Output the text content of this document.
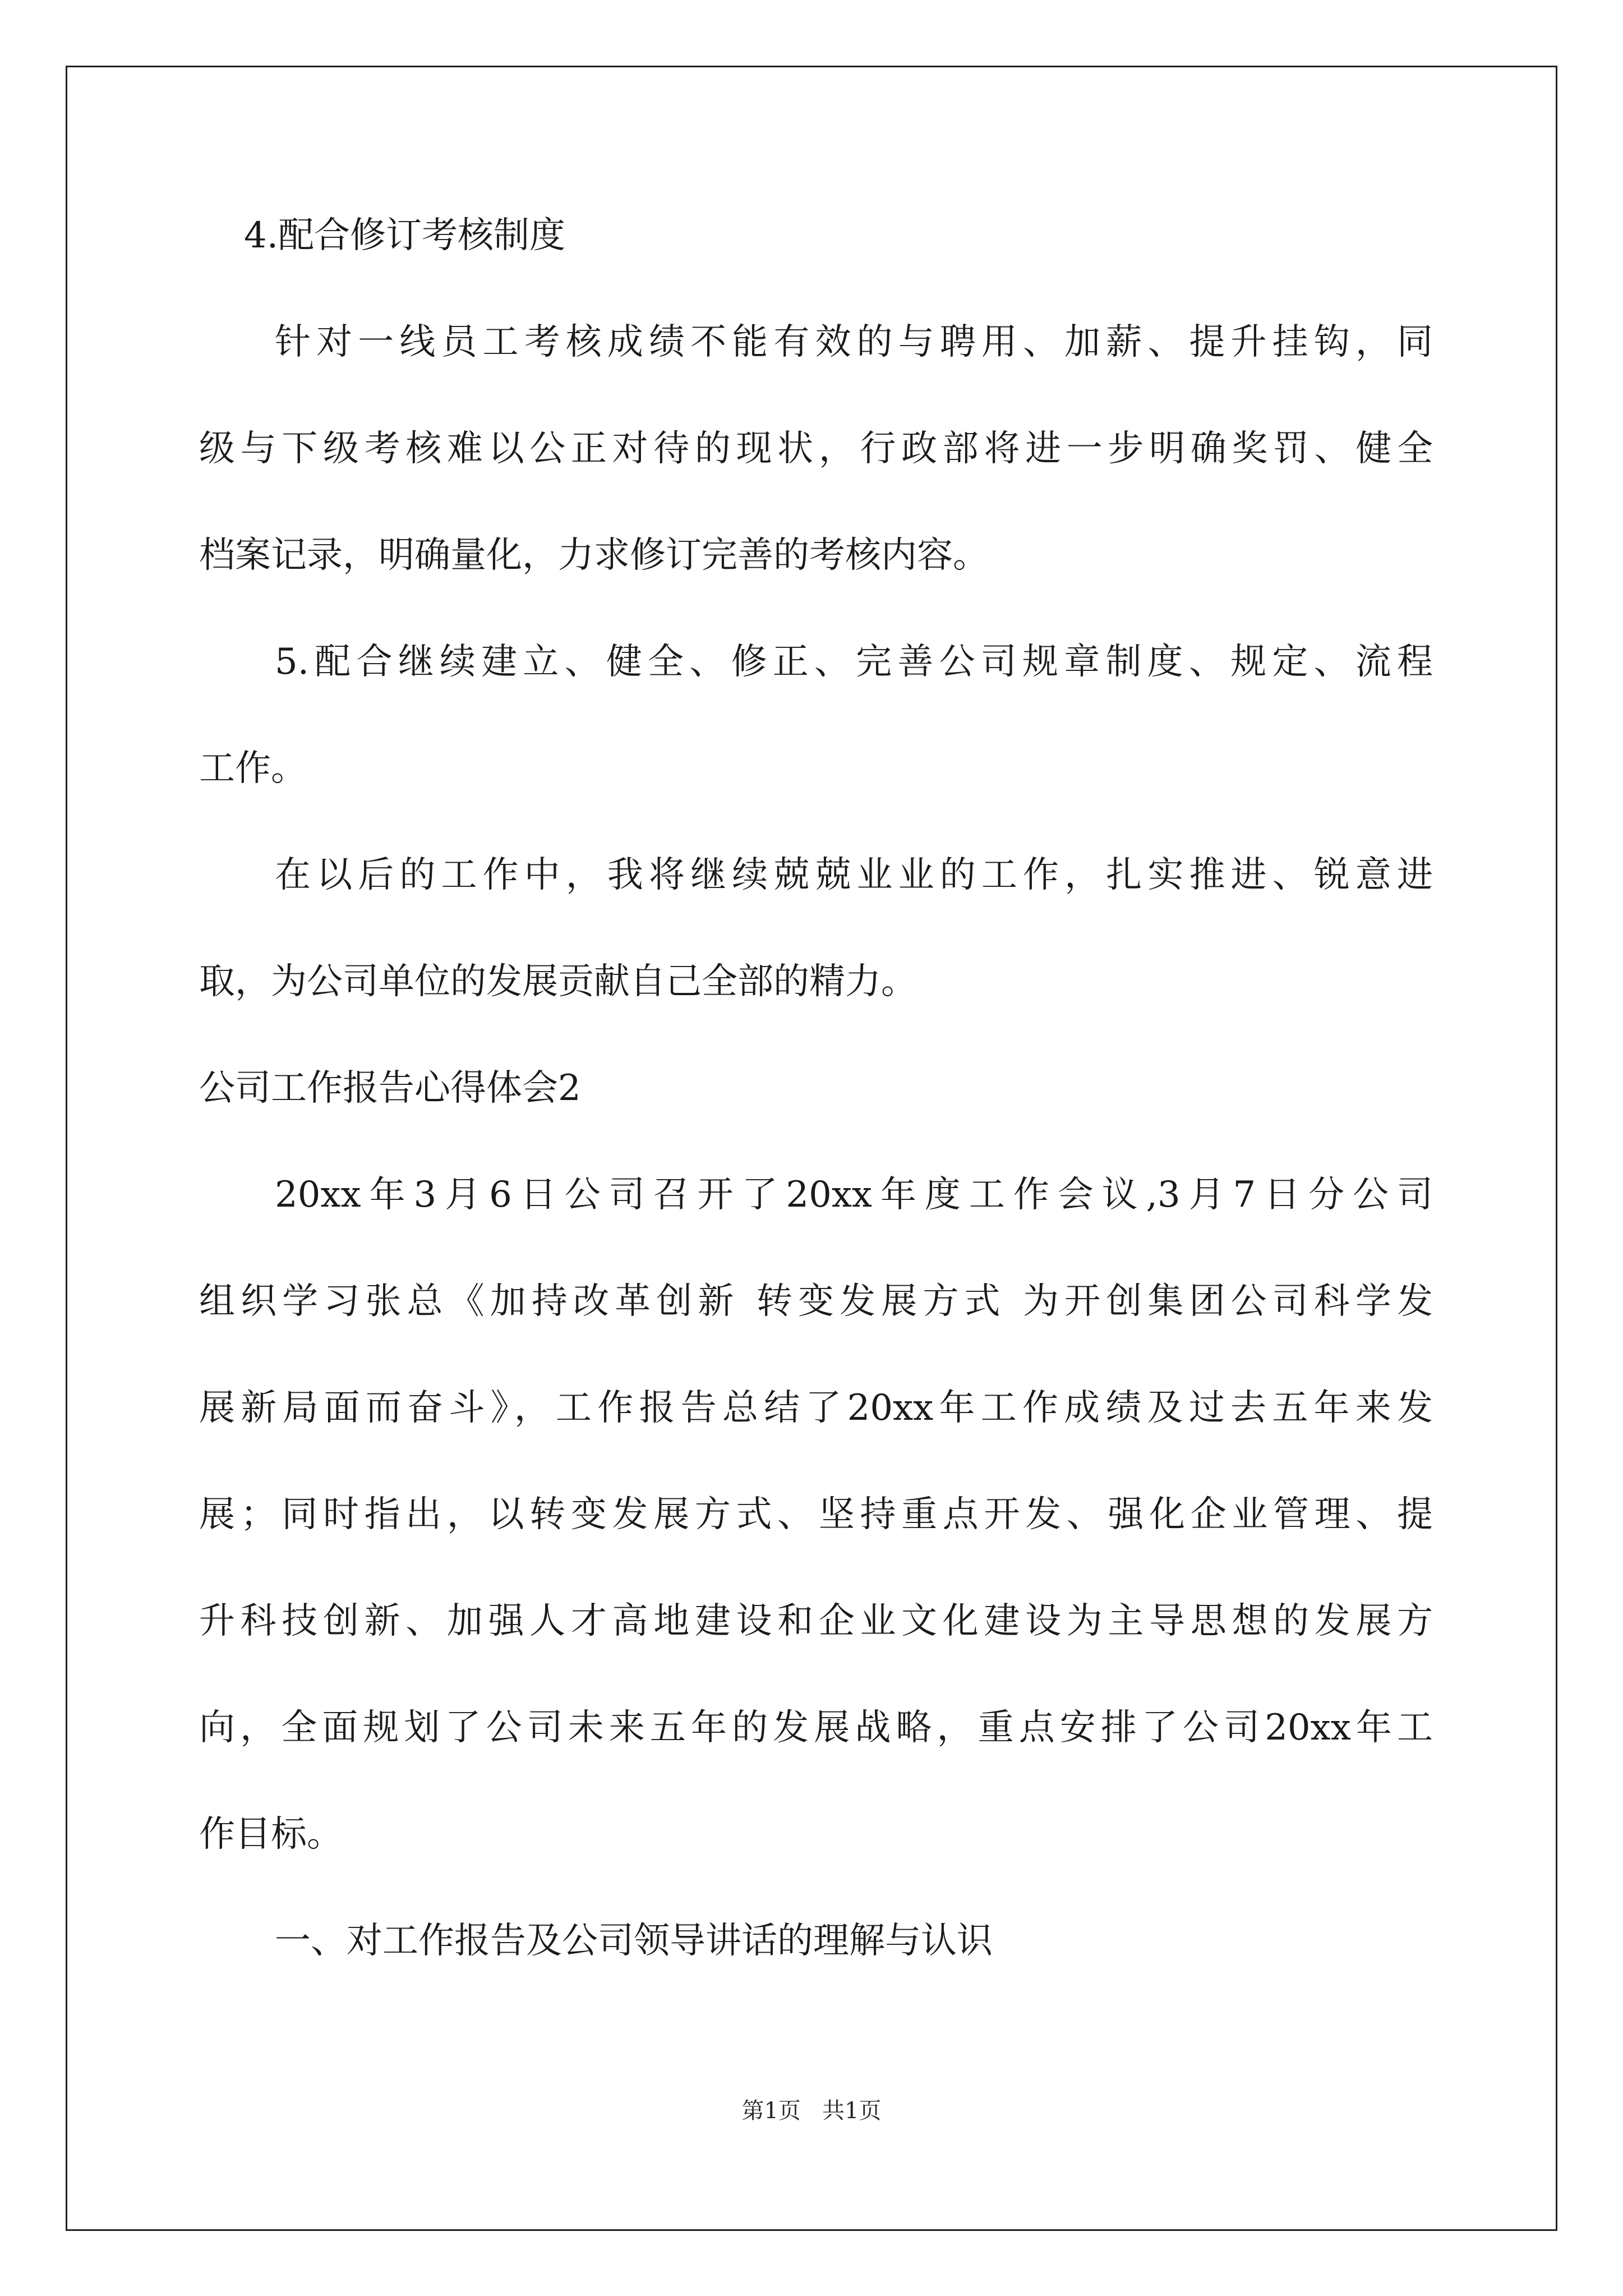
4.配合修订考核制度
针对一线员工考核成绩不能有效的与聘用、加薪、提升挂钩，同
级与下级考核难以公正对待的现状，行政部将进一步明确奖罚、健全
档案记录，明确量化，力求修订完善的考核内容。
5.配合继续建立、健全、修正、完善公司规章制度、规定、流程
工作。
在以后的工作中，我将继续兢兢业业的工作，扎实推进、锐意进
取，为公司单位的发展贡献自己全部的精力。
公司工作报告心得体会2
20xx年3月6日公司召开了20xx年度工作会议,3月7日分公司
组织学习张总《加持改革创新 转变发展方式 为开创集团公司科学发
展新局面而奋斗》，工作报告总结了20xx年工作成绩及过去五年来发
展；同时指出，以转变发展方式、坚持重点开发、强化企业管理、提
升科技创新、加强人才高地建设和企业文化建设为主导思想的发展方
向，全面规划了公司未来五年的发展战略，重点安排了公司20xx年工
作目标。
一、对工作报告及公司领导讲话的理解与认识
第1页   共1页
